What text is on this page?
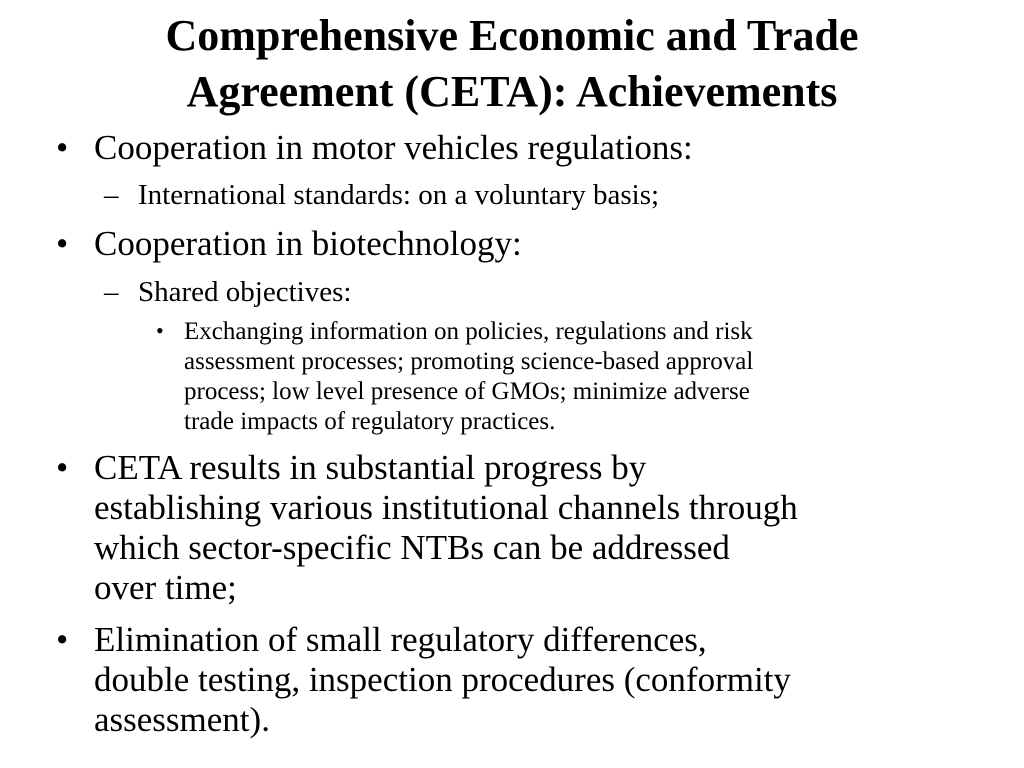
Comprehensive Economic and Trade
Agreement (CETA): Achievements
• Cooperation in motor vehicles regulations:
– International standards: on a voluntary basis;
• Cooperation in biotechnology:
– Shared objectives:
• Exchanging information on policies, regulations and risk
assessment processes; promoting science-based approval
process; low level presence of GMOs; minimize adverse
trade impacts of regulatory practices.
• CETA results in substantial progress by
establishing various institutional channels through
which sector-specific NTBs can be addressed
over time;
• Elimination of small regulatory differences,
double testing, inspection procedures (conformity
assessment).
